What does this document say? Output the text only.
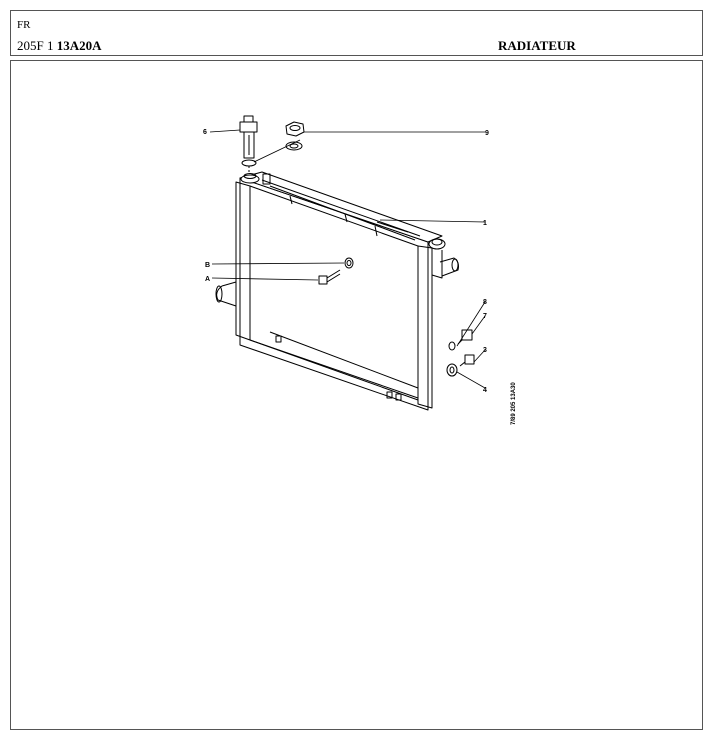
FR
205F 1 13A20A	RADIATEUR
6	9
1
B
A
8
7
3
4	7/89 205 13A30
